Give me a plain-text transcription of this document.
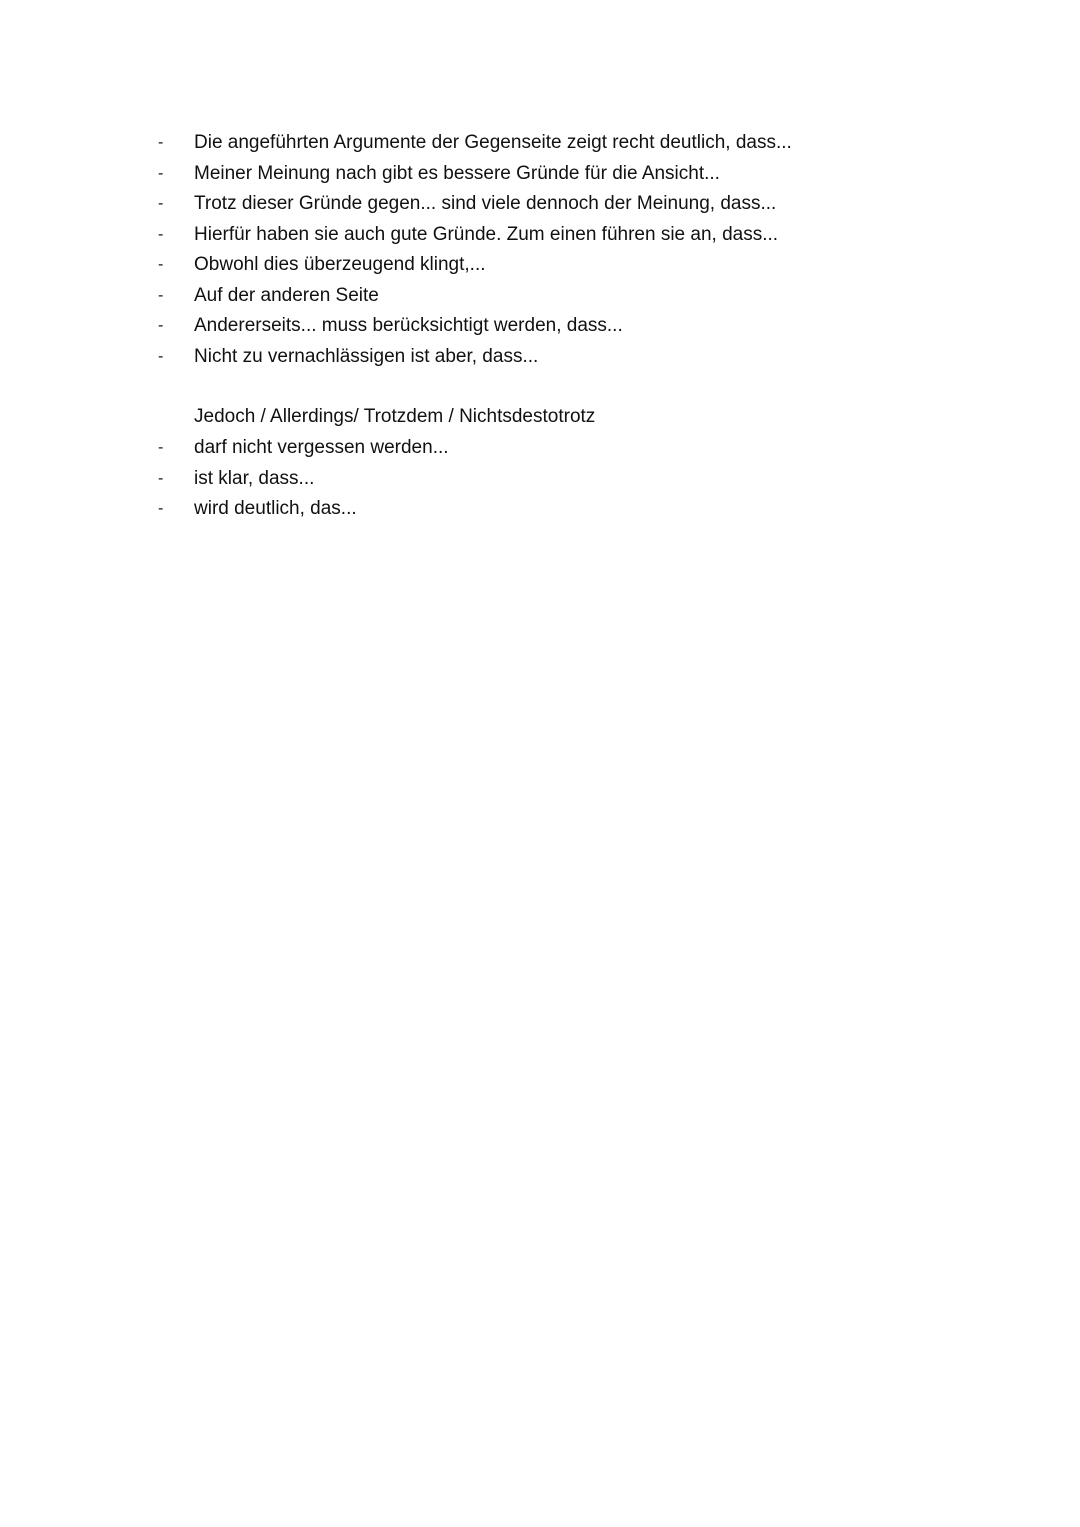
- Die angeführten Argumente der Gegenseite zeigt recht deutlich, dass...
- Meiner Meinung nach gibt es bessere Gründe für die Ansicht...
- Trotz dieser Gründe gegen... sind viele dennoch der Meinung, dass...
- Hierfür haben sie auch gute Gründe. Zum einen führen sie an, dass...
- Obwohl dies überzeugend klingt,...
- Auf der anderen Seite
- Andererseits... muss berücksichtigt werden, dass...
- Nicht zu vernachlässigen ist aber, dass...
Jedoch / Allerdings/ Trotzdem / Nichtsdestotrotz
- darf nicht vergessen werden...
- ist klar, dass...
- wird deutlich, das...
